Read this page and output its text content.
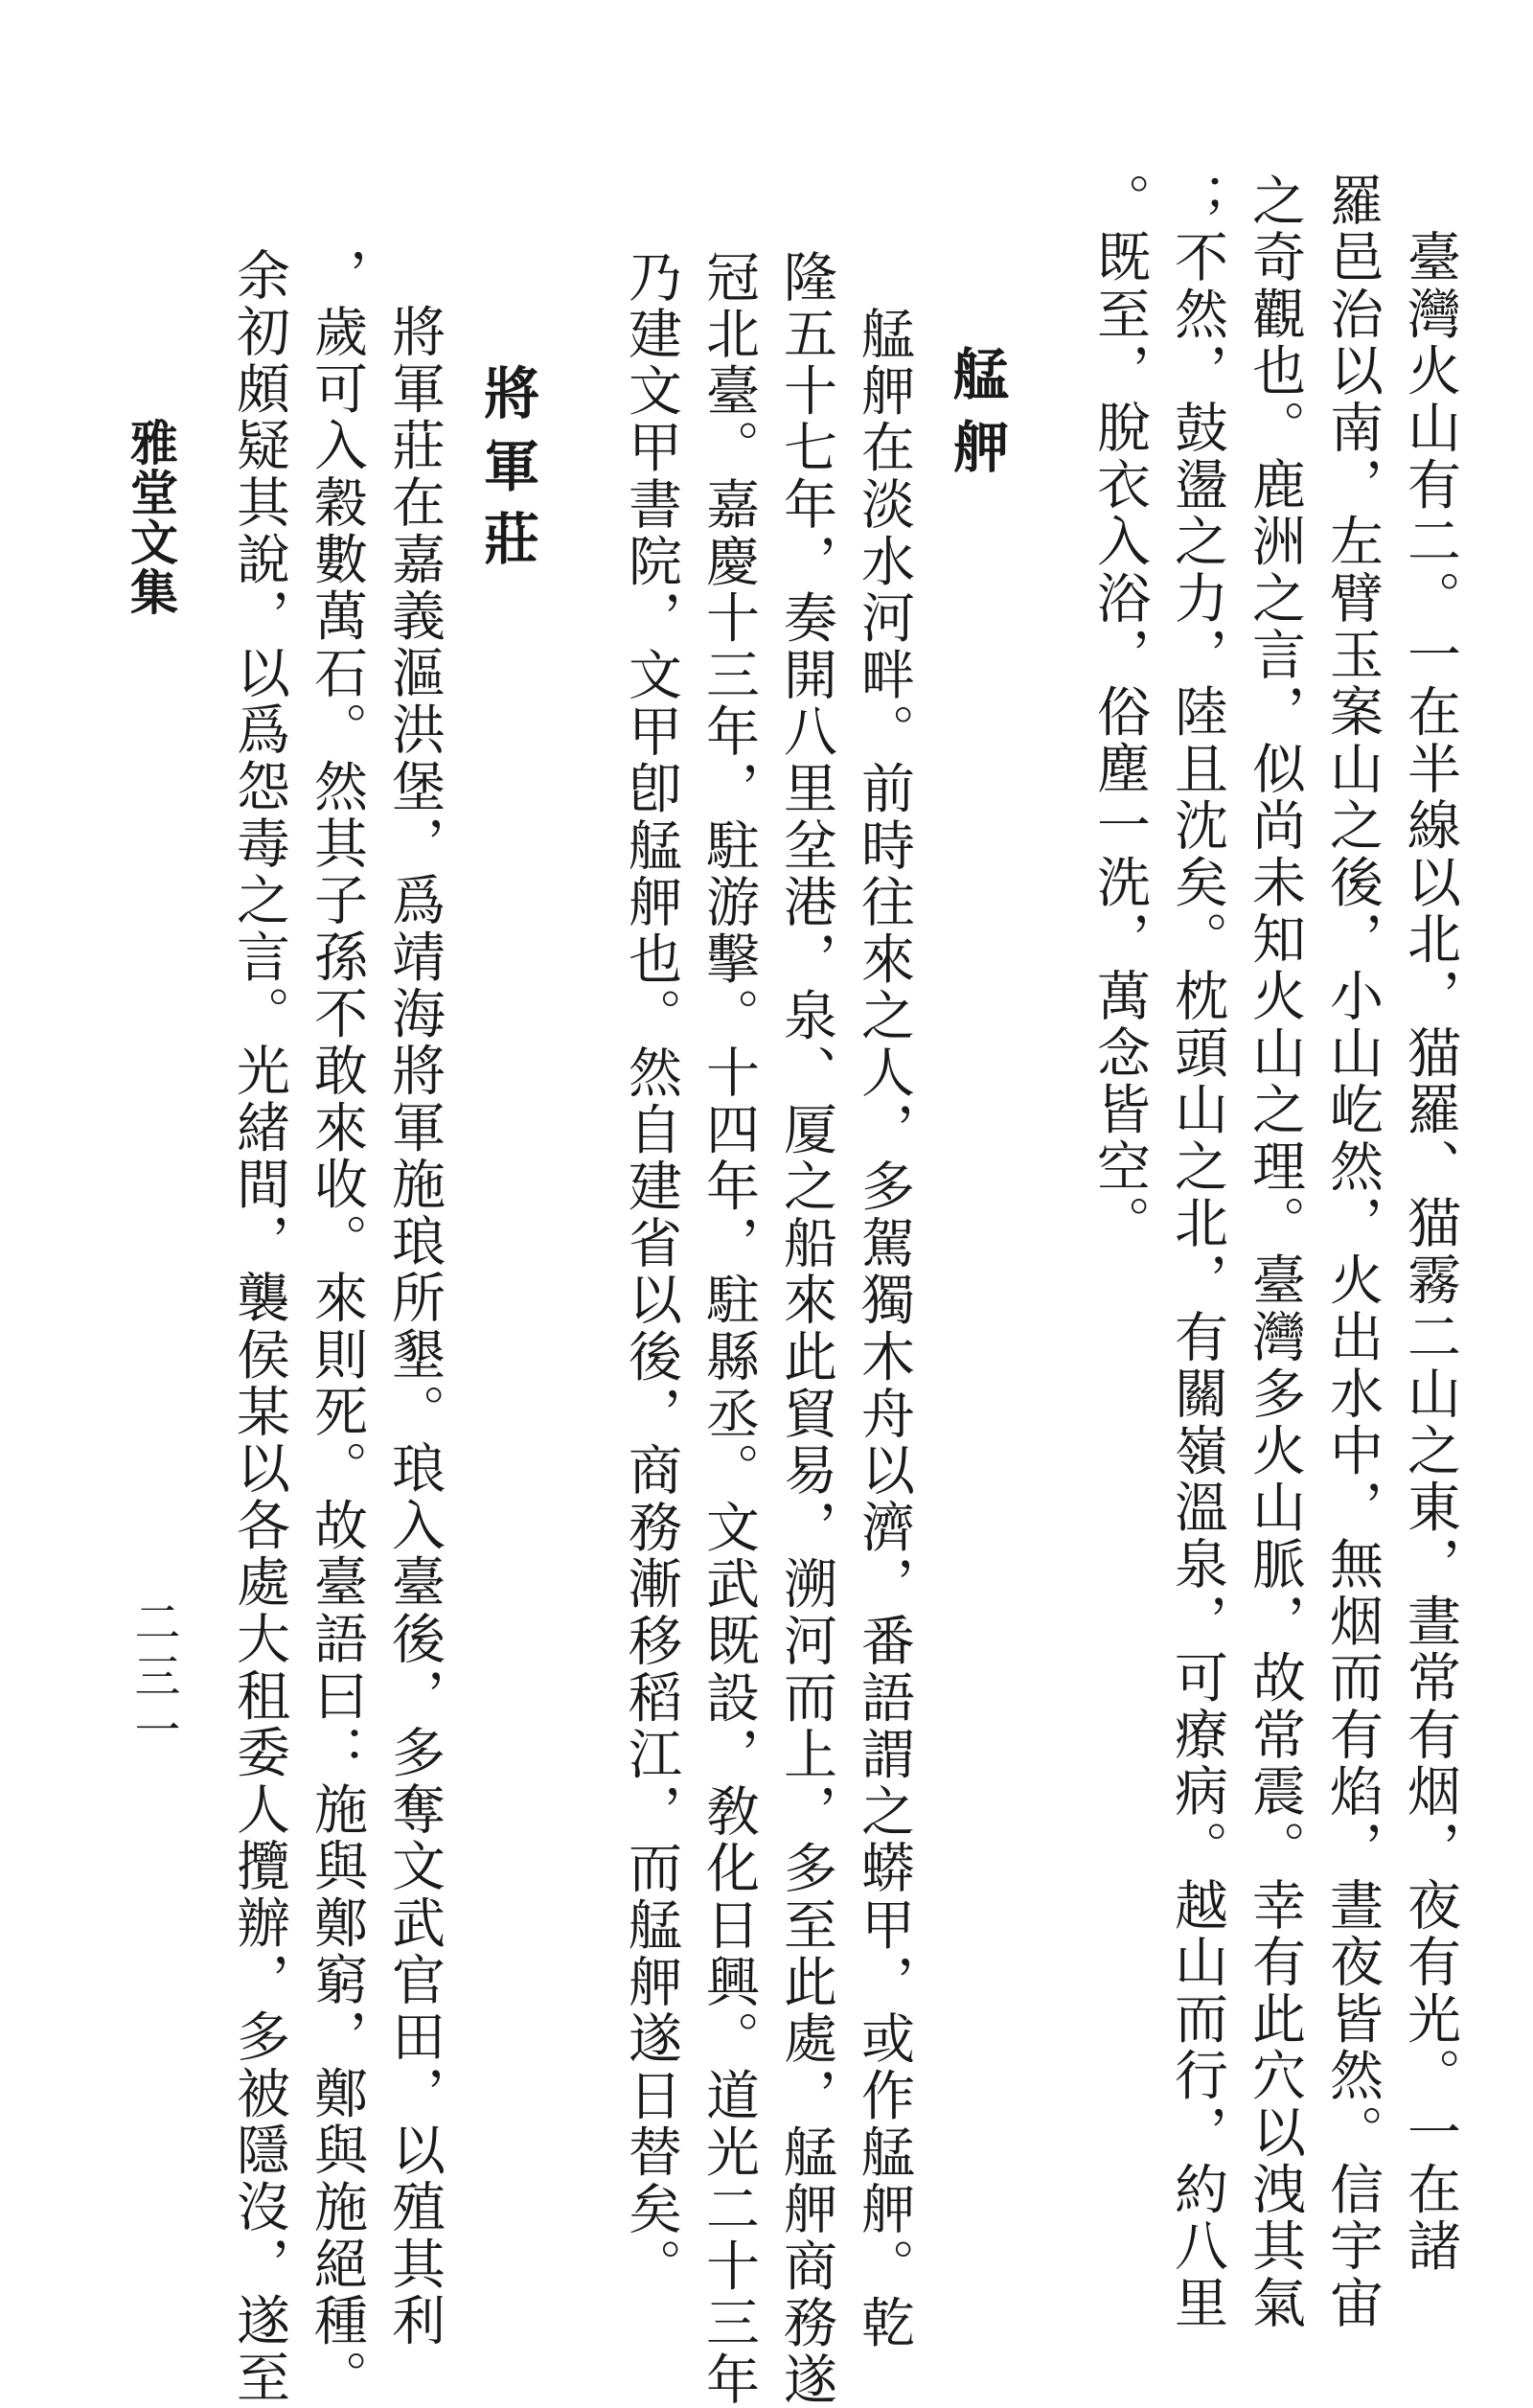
　臺灣火山有二。一在半線以北，猫羅、猫霧二山之東，晝常有烟，夜有光。一在諸
羅邑治以南，左臂玉案山之後，小山屹然，火出水中，無烟而有焰，晝夜皆然。信宇宙
之奇觀也。鹿洲之言，似尚未知火山之理。臺灣多火山脈，故常震。幸有此穴以洩其氣
；不然，鼓盪之力，陸且沈矣。枕頭山之北，有關嶺溫泉，可療病。越山而行，約八里
。既至，脫衣入浴，俗塵一洗，萬念皆空。
艋舺
　艋舺在淡水河畔。前時往來之人，多駕獨木舟以濟，番語謂之蟒甲，或作艋舺。乾
隆五十七年，奏開八里坌港，泉、厦之船來此貿易，溯河而上，多至此處，艋舺商務遂
冠北臺。嘉慶十三年，駐游擊。十四年，駐縣丞。文武既設，敎化日興。道光二十三年
乃建文甲書院，文甲卽艋舺也。然自建省以後，商務漸移稻江，而艋舺遂日替矣。
將軍莊
　將軍莊在嘉義漚洪堡，爲靖海將軍施琅所墾。琅入臺後，多奪文武官田，以殖其利
，歲可入穀數萬石。然其子孫不敢來收。來則死。故臺語曰：施與鄭窮，鄭與施絕種。
余初頗疑其說，以爲怨毒之言。光緒間，襲侯某以各處大租委人攬辦，多被隱沒，遂至
雅堂文集
二三一
